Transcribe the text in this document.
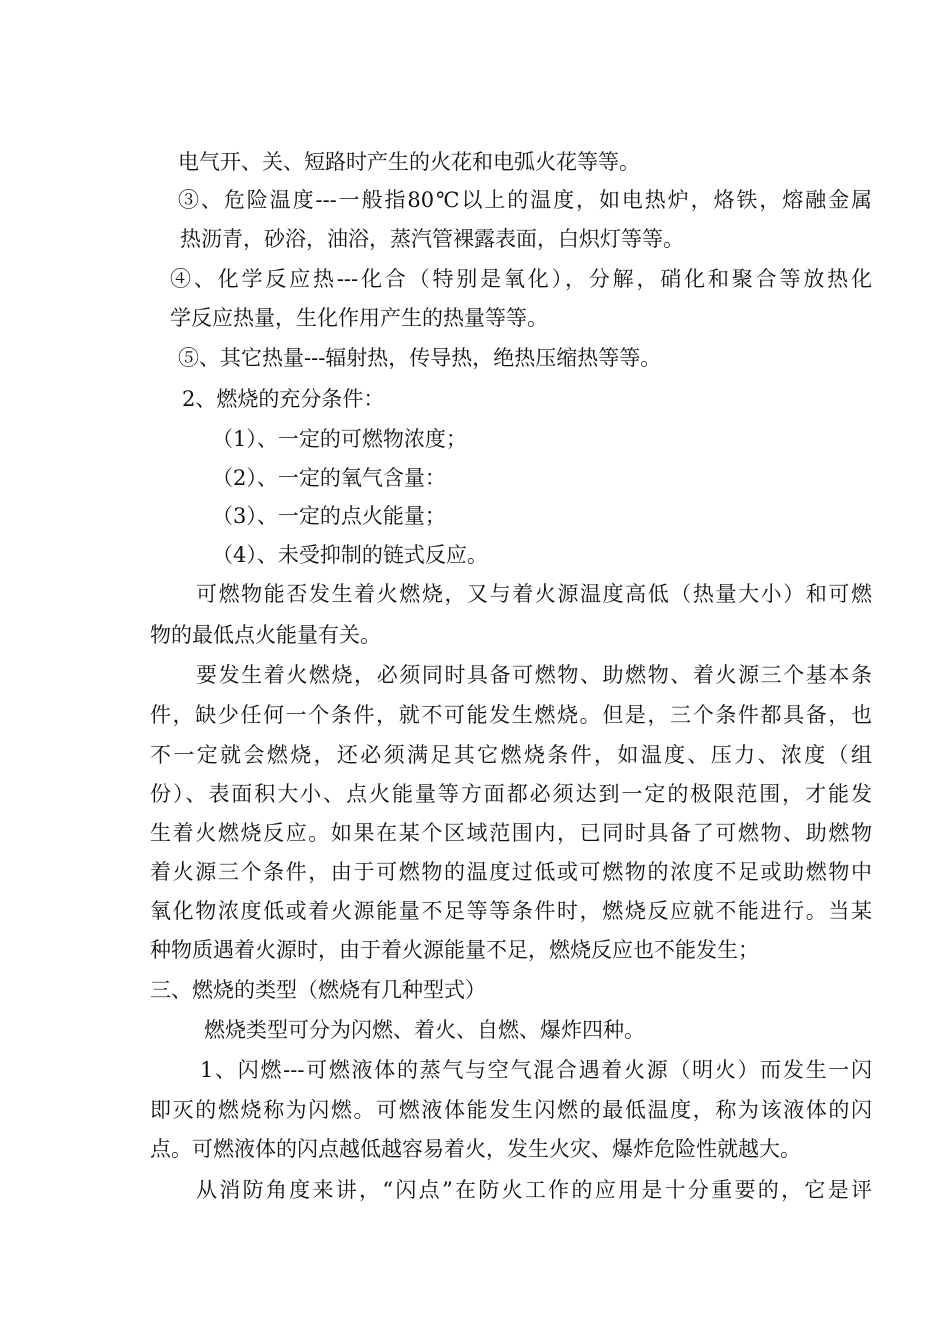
电气开、关、短路时产生的火花和电弧火花等等。
③、危险温度---一般指80℃以上的温度，如电热炉，烙铁，熔融金属
热沥青，砂浴，油浴，蒸汽管裸露表面，白炽灯等等。
④、化学反应热---化合（特别是氧化），分解，硝化和聚合等放热化
学反应热量，生化作用产生的热量等等。
⑤、其它热量---辐射热，传导热，绝热压缩热等等。
2、燃烧的充分条件：
（1）、一定的可燃物浓度；
（2）、一定的氧气含量：
（3）、一定的点火能量；
（4）、未受抑制的链式反应。
可燃物能否发生着火燃烧，又与着火源温度高低（热量大小）和可燃
物的最低点火能量有关。
要发生着火燃烧，必须同时具备可燃物、助燃物、着火源三个基本条
件，缺少任何一个条件，就不可能发生燃烧。但是，三个条件都具备，也
不一定就会燃烧，还必须满足其它燃烧条件，如温度、压力、浓度（组
份）、表面积大小、点火能量等方面都必须达到一定的极限范围，才能发
生着火燃烧反应。如果在某个区域范围内，已同时具备了可燃物、助燃物
着火源三个条件，由于可燃物的温度过低或可燃物的浓度不足或助燃物中
氧化物浓度低或着火源能量不足等等条件时，燃烧反应就不能进行。当某
种物质遇着火源时，由于着火源能量不足，燃烧反应也不能发生；
三、燃烧的类型（燃烧有几种型式）
燃烧类型可分为闪燃、着火、自燃、爆炸四种。
1、闪燃---可燃液体的蒸气与空气混合遇着火源（明火）而发生一闪
即灭的燃烧称为闪燃。可燃液体能发生闪燃的最低温度，称为该液体的闪
点。可燃液体的闪点越低越容易着火，发生火灾、爆炸危险性就越大。
从消防角度来讲，“闪点”在防火工作的应用是十分重要的，它是评
